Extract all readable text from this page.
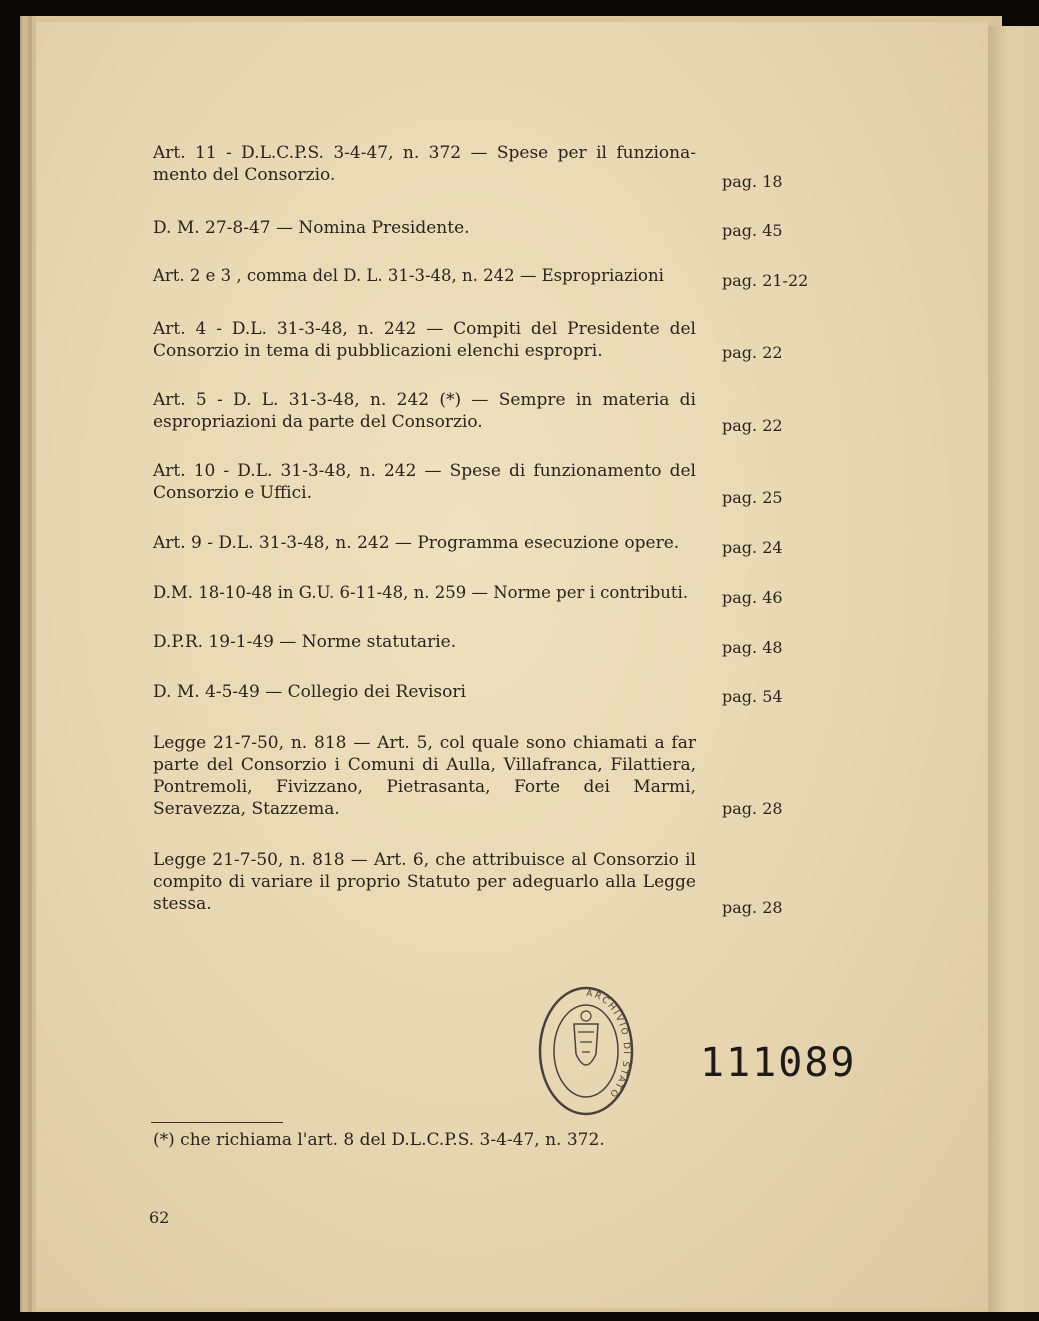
Art. 11 - D.L.C.P.S. 3-4-47, n. 372 — Spese per il funziona-mento del Consorzio.	pag. 18

D. M. 27-8-47 — Nomina Presidente.	pag. 45

Art. 2 e 3 , comma del D. L. 31-3-48, n. 242 — Espropriazioni	pag. 21-22

Art. 4 - D.L. 31-3-48, n. 242 — Compiti del Presidente del Consorzio in tema di pubblicazioni elenchi espropri.	pag. 22

Art. 5 - D. L. 31-3-48, n. 242 (*) — Sempre in materia di espropriazioni da parte del Consorzio.	pag. 22

Art. 10 - D.L. 31-3-48, n. 242 — Spese di funzionamento del Consorzio e Uffici.	pag. 25

Art. 9 - D.L. 31-3-48, n. 242 — Programma esecuzione opere.	pag. 24

D.M. 18-10-48 in G.U. 6-11-48, n. 259 — Norme per i contributi.	pag. 46

D.P.R. 19-1-49 — Norme statutarie.	pag. 48

D. M. 4-5-49 — Collegio dei Revisori	pag. 54

Legge 21-7-50, n. 818 — Art. 5, col quale sono chiamati a far parte del Consorzio i Comuni di Aulla, Villafranca, Filattiera, Pontremoli, Fivizzano, Pietrasanta, Forte dei Marmi, Seravezza, Stazzema.	pag. 28

Legge 21-7-50, n. 818 — Art. 6, che attribuisce al Consorzio il compito di variare il proprio Statuto per adeguarlo alla Legge stessa.	pag. 28
ARCHIVIO DI STATO
111089
(*) che richiama l'art. 8 del D.L.C.P.S. 3-4-47, n. 372.
62
